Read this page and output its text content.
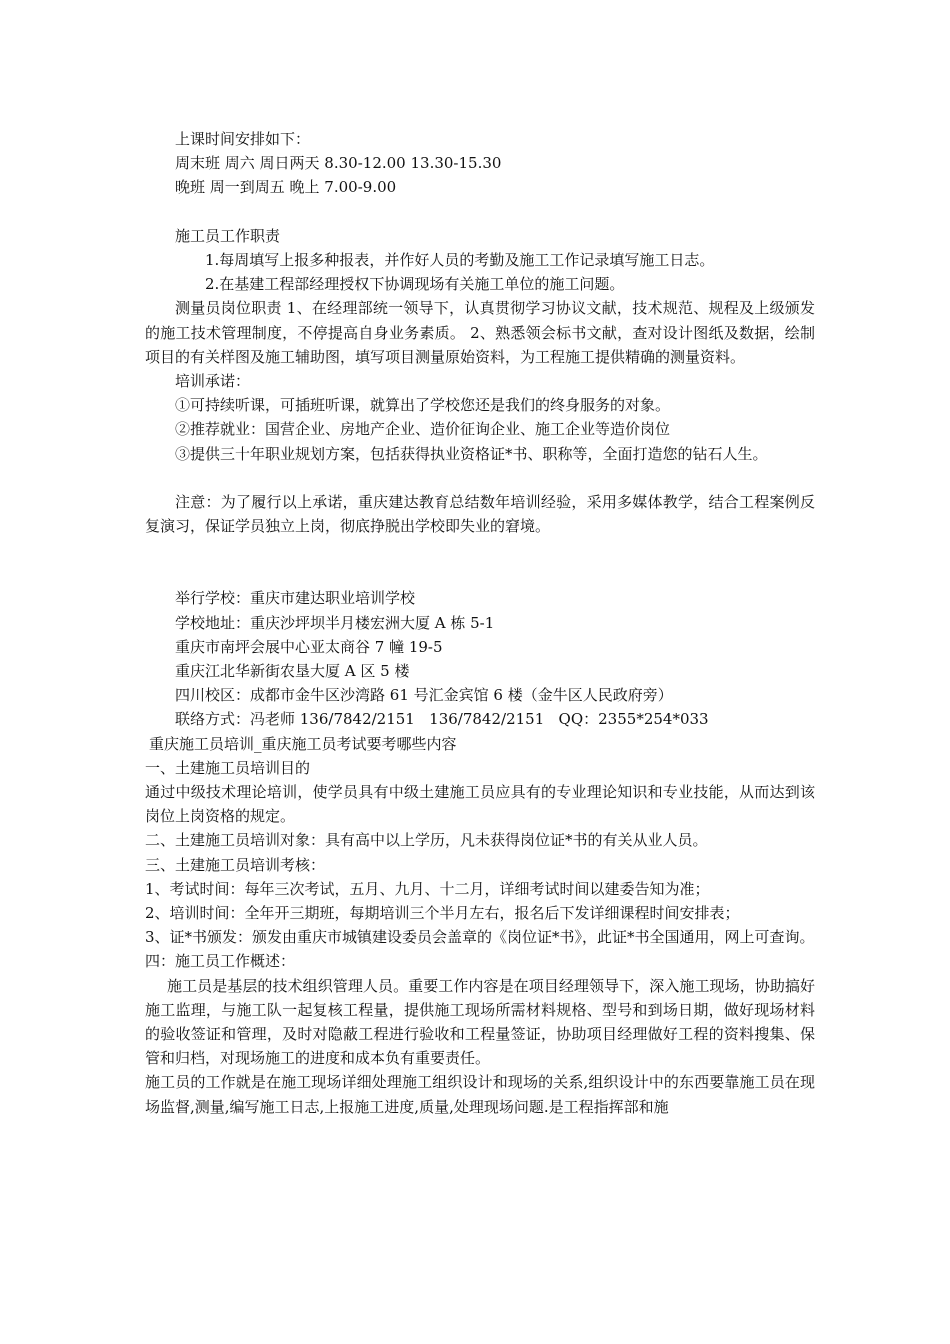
上课时间安排如下：
周末班 周六 周日两天 8.30-12.00 13.30-15.30
晚班 周一到周五 晚上 7.00-9.00
施工员工作职责
1.每周填写上报多种报表，并作好人员的考勤及施工工作记录填写施工日志。
2.在基建工程部经理授权下协调现场有关施工单位的施工问题。

测量员岗位职责 1、在经理部统一领导下，认真贯彻学习协议文献，技术规范、规程及上级颁发的施工技术管理制度，不停提高自身业务素质。 2、熟悉领会标书文献，查对设计图纸及数据，绘制项目的有关样图及施工辅助图，填写项目测量原始资料，为工程施工提供精确的测量资料。

培训承诺：
①可持续听课，可插班听课，就算出了学校您还是我们的终身服务的对象。
②推荐就业：国营企业、房地产企业、造价征询企业、施工企业等造价岗位

③提供三十年职业规划方案，包括获得执业资格证*书、职称等，全面打造您的钻石人生。

注意：为了履行以上承诺，重庆建达教育总结数年培训经验，采用多媒体教学，结合工程案例反复演习，保证学员独立上岗，彻底挣脱出学校即失业的窘境。

举行学校：重庆市建达职业培训学校
学校地址：重庆沙坪坝半月楼宏洲大厦 A 栋 5-1
重庆市南坪会展中心亚太商谷 7 幢 19-5
重庆江北华新街农垦大厦 A 区 5 楼
四川校区：成都市金牛区沙湾路 61 号汇金宾馆 6 楼（金牛区人民政府旁）
联络方式：冯老师 136/7842/2151   136/7842/2151   QQ：2355*254*033
重庆施工员培训_重庆施工员考试要考哪些内容
一、土建施工员培训目的

通过中级技术理论培训，使学员具有中级土建施工员应具有的专业理论知识和专业技能，从而达到该岗位上岗资格的规定。

二、土建施工员培训对象：具有高中以上学历，凡未获得岗位证*书的有关从业人员。
三、土建施工员培训考核：
1、考试时间：每年三次考试，五月、九月、十二月，详细考试时间以建委告知为准；
2、培训时间：全年开三期班，每期培训三个半月左右，报名后下发详细课程时间安排表；

3、证*书颁发：颁发由重庆市城镇建设委员会盖章的《岗位证*书》，此证*书全国通用，网上可查询。

四：施工员工作概述：

施工员是基层的技术组织管理人员。重要工作内容是在项目经理领导下，深入施工现场，协助搞好施工监理，与施工队一起复核工程量，提供施工现场所需材料规格、型号和到场日期，做好现场材料的验收签证和管理，及时对隐蔽工程进行验收和工程量签证，协助项目经理做好工程的资料搜集、保管和归档，对现场施工的进度和成本负有重要责任。

施工员的工作就是在施工现场详细处理施工组织设计和现场的关系,组织设计中的东西要靠施工员在现场监督,测量,编写施工日志,上报施工进度,质量,处理现场问题.是工程指挥部和施
